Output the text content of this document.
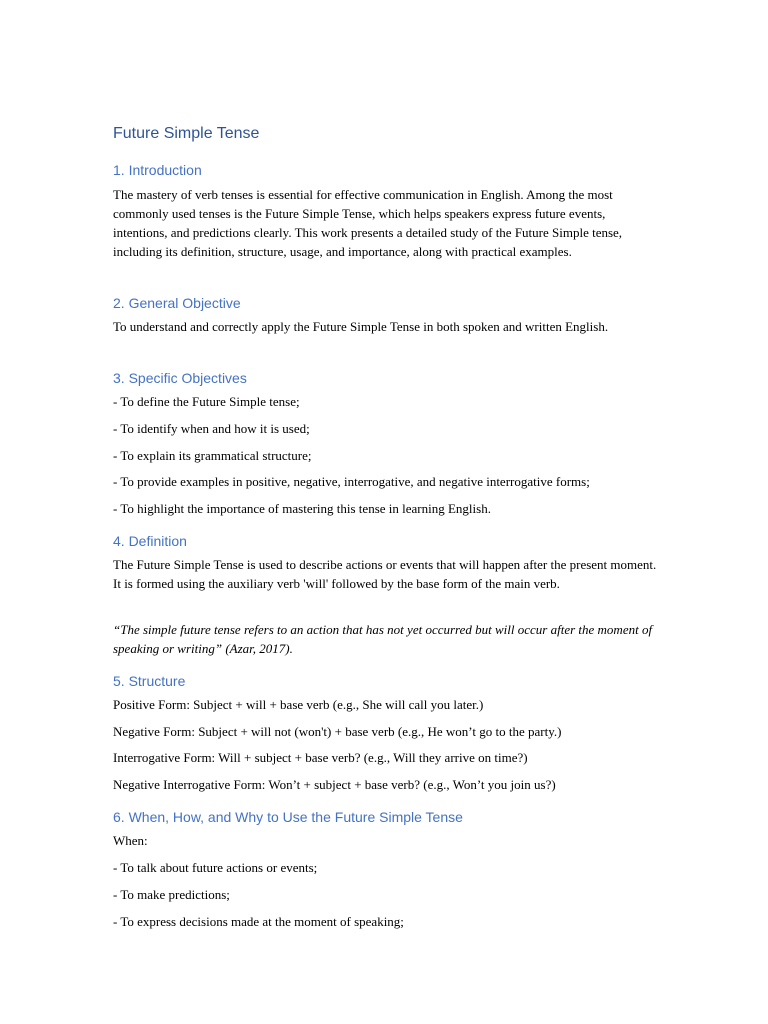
Future Simple Tense
1. Introduction

The mastery of verb tenses is essential for effective communication in English. Among the most commonly used tenses is the Future Simple Tense, which helps speakers express future events, intentions, and predictions clearly. This work presents a detailed study of the Future Simple tense, including its definition, structure, usage, and importance, along with practical examples.

2. General Objective

To understand and correctly apply the Future Simple Tense in both spoken and written English.

3. Specific Objectives

- To define the Future Simple tense;

- To identify when and how it is used;

- To explain its grammatical structure;

- To provide examples in positive, negative, interrogative, and negative interrogative forms;

- To highlight the importance of mastering this tense in learning English.

4. Definition

The Future Simple Tense is used to describe actions or events that will happen after the present moment. It is formed using the auxiliary verb 'will' followed by the base form of the main verb.

“The simple future tense refers to an action that has not yet occurred but will occur after the moment of speaking or writing” (Azar, 2017).

5. Structure

Positive Form: Subject + will + base verb (e.g., She will call you later.)

Negative Form: Subject + will not (won't) + base verb (e.g., He won’t go to the party.)

Interrogative Form: Will + subject + base verb? (e.g., Will they arrive on time?)

Negative Interrogative Form: Won’t + subject + base verb? (e.g., Won’t you join us?)

6. When, How, and Why to Use the Future Simple Tense

When:

- To talk about future actions or events;

- To make predictions;

- To express decisions made at the moment of speaking;
